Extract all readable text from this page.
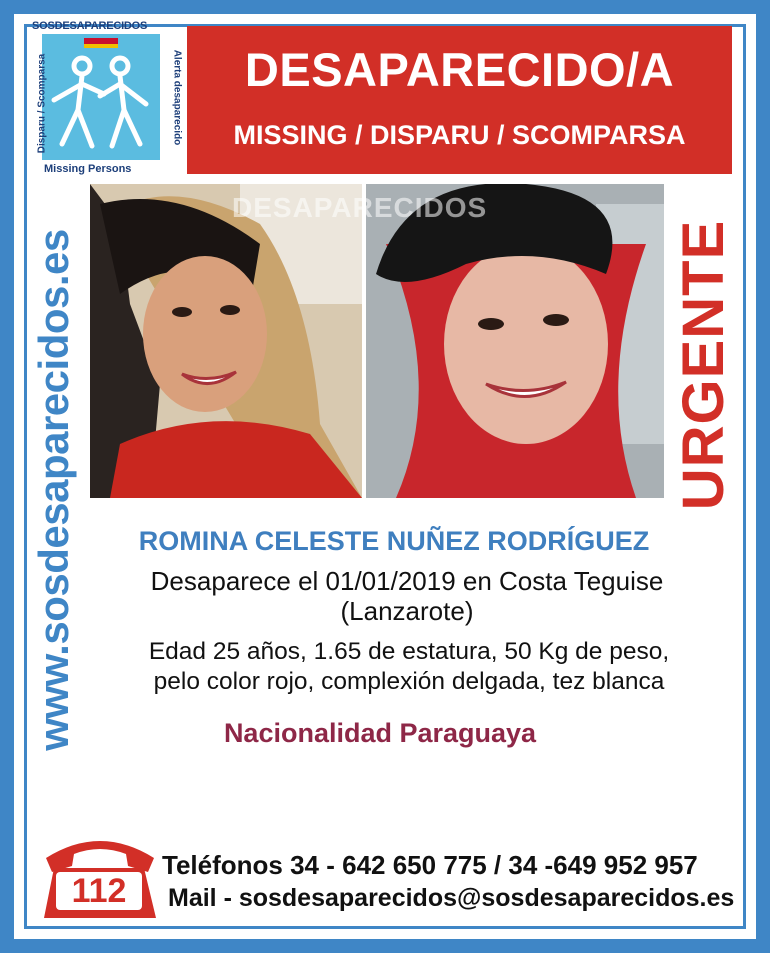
SOSDESAPARECIDOS
Disparu / Scomparsa	Alerta desaparecido
Missing Persons
DESAPARECIDO/A
MISSING / DISPARU / SCOMPARSA
www.sosdesaparecidos.es
DESAPARECIDOS
URGENTE
ROMINA CELESTE NUÑEZ RODRÍGUEZ
Desaparece el 01/01/2019 en Costa Teguise
(Lanzarote)
Edad 25 años, 1.65 de estatura, 50 Kg de peso,
pelo color rojo, complexión delgada, tez blanca
Nacionalidad Paraguaya
112
Teléfonos 34 - 642 650 775 / 34 -649 952 957
Mail - sosdesaparecidos@sosdesaparecidos.es
